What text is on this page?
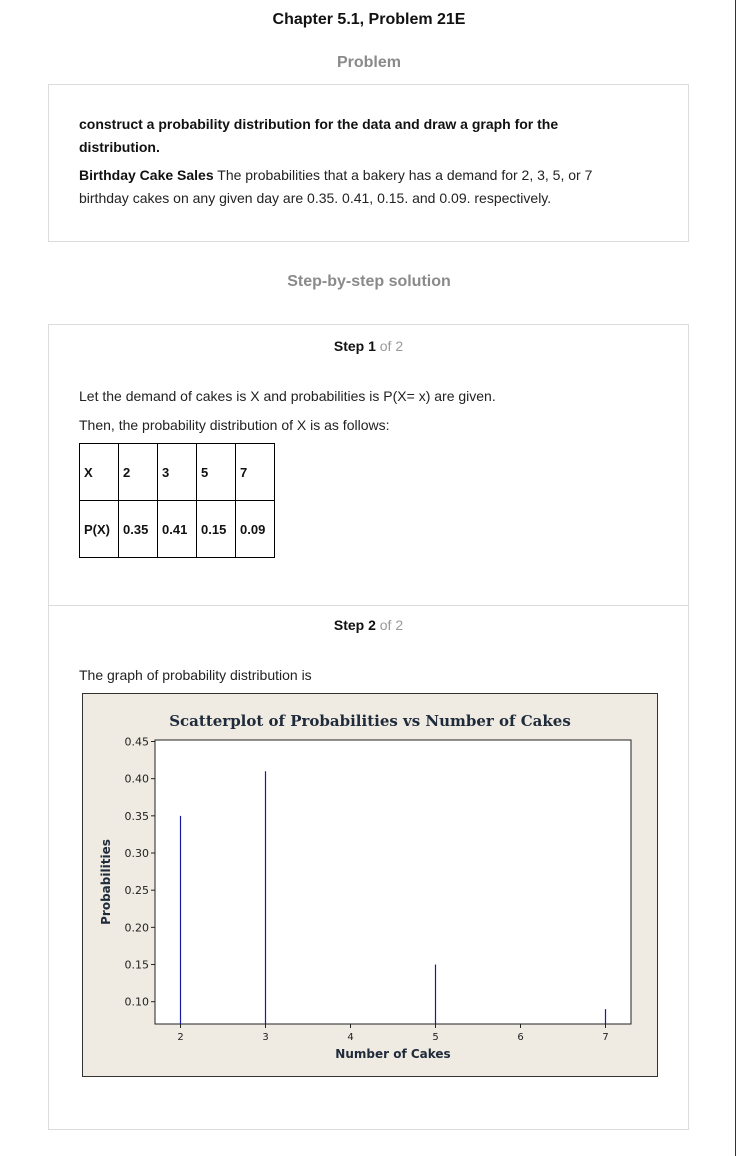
Chapter 5.1, Problem 21E
Problem
construct a probability distribution for the data and draw a graph for the
distribution.
Birthday Cake Sales The probabilities that a bakery has a demand for 2, 3, 5, or 7
birthday cakes on any given day are 0.35. 0.41, 0.15. and 0.09. respectively.
Step-by-step solution
Step 1 of 2
Let the demand of cakes is X and probabilities is P(X= x) are given.
Then, the probability distribution of X is as follows:
X	2	3	5	7
P(X)	0.35	0.41	0.15	0.09
Step 2 of 2
The graph of probability distribution is
Scatterplot of Probabilities vs Number of Cakes
0.10
0.15
0.20
0.25
0.30
0.35
0.40
0.45
2	3	4	5	6	7
Number of Cakes
Probabilities
